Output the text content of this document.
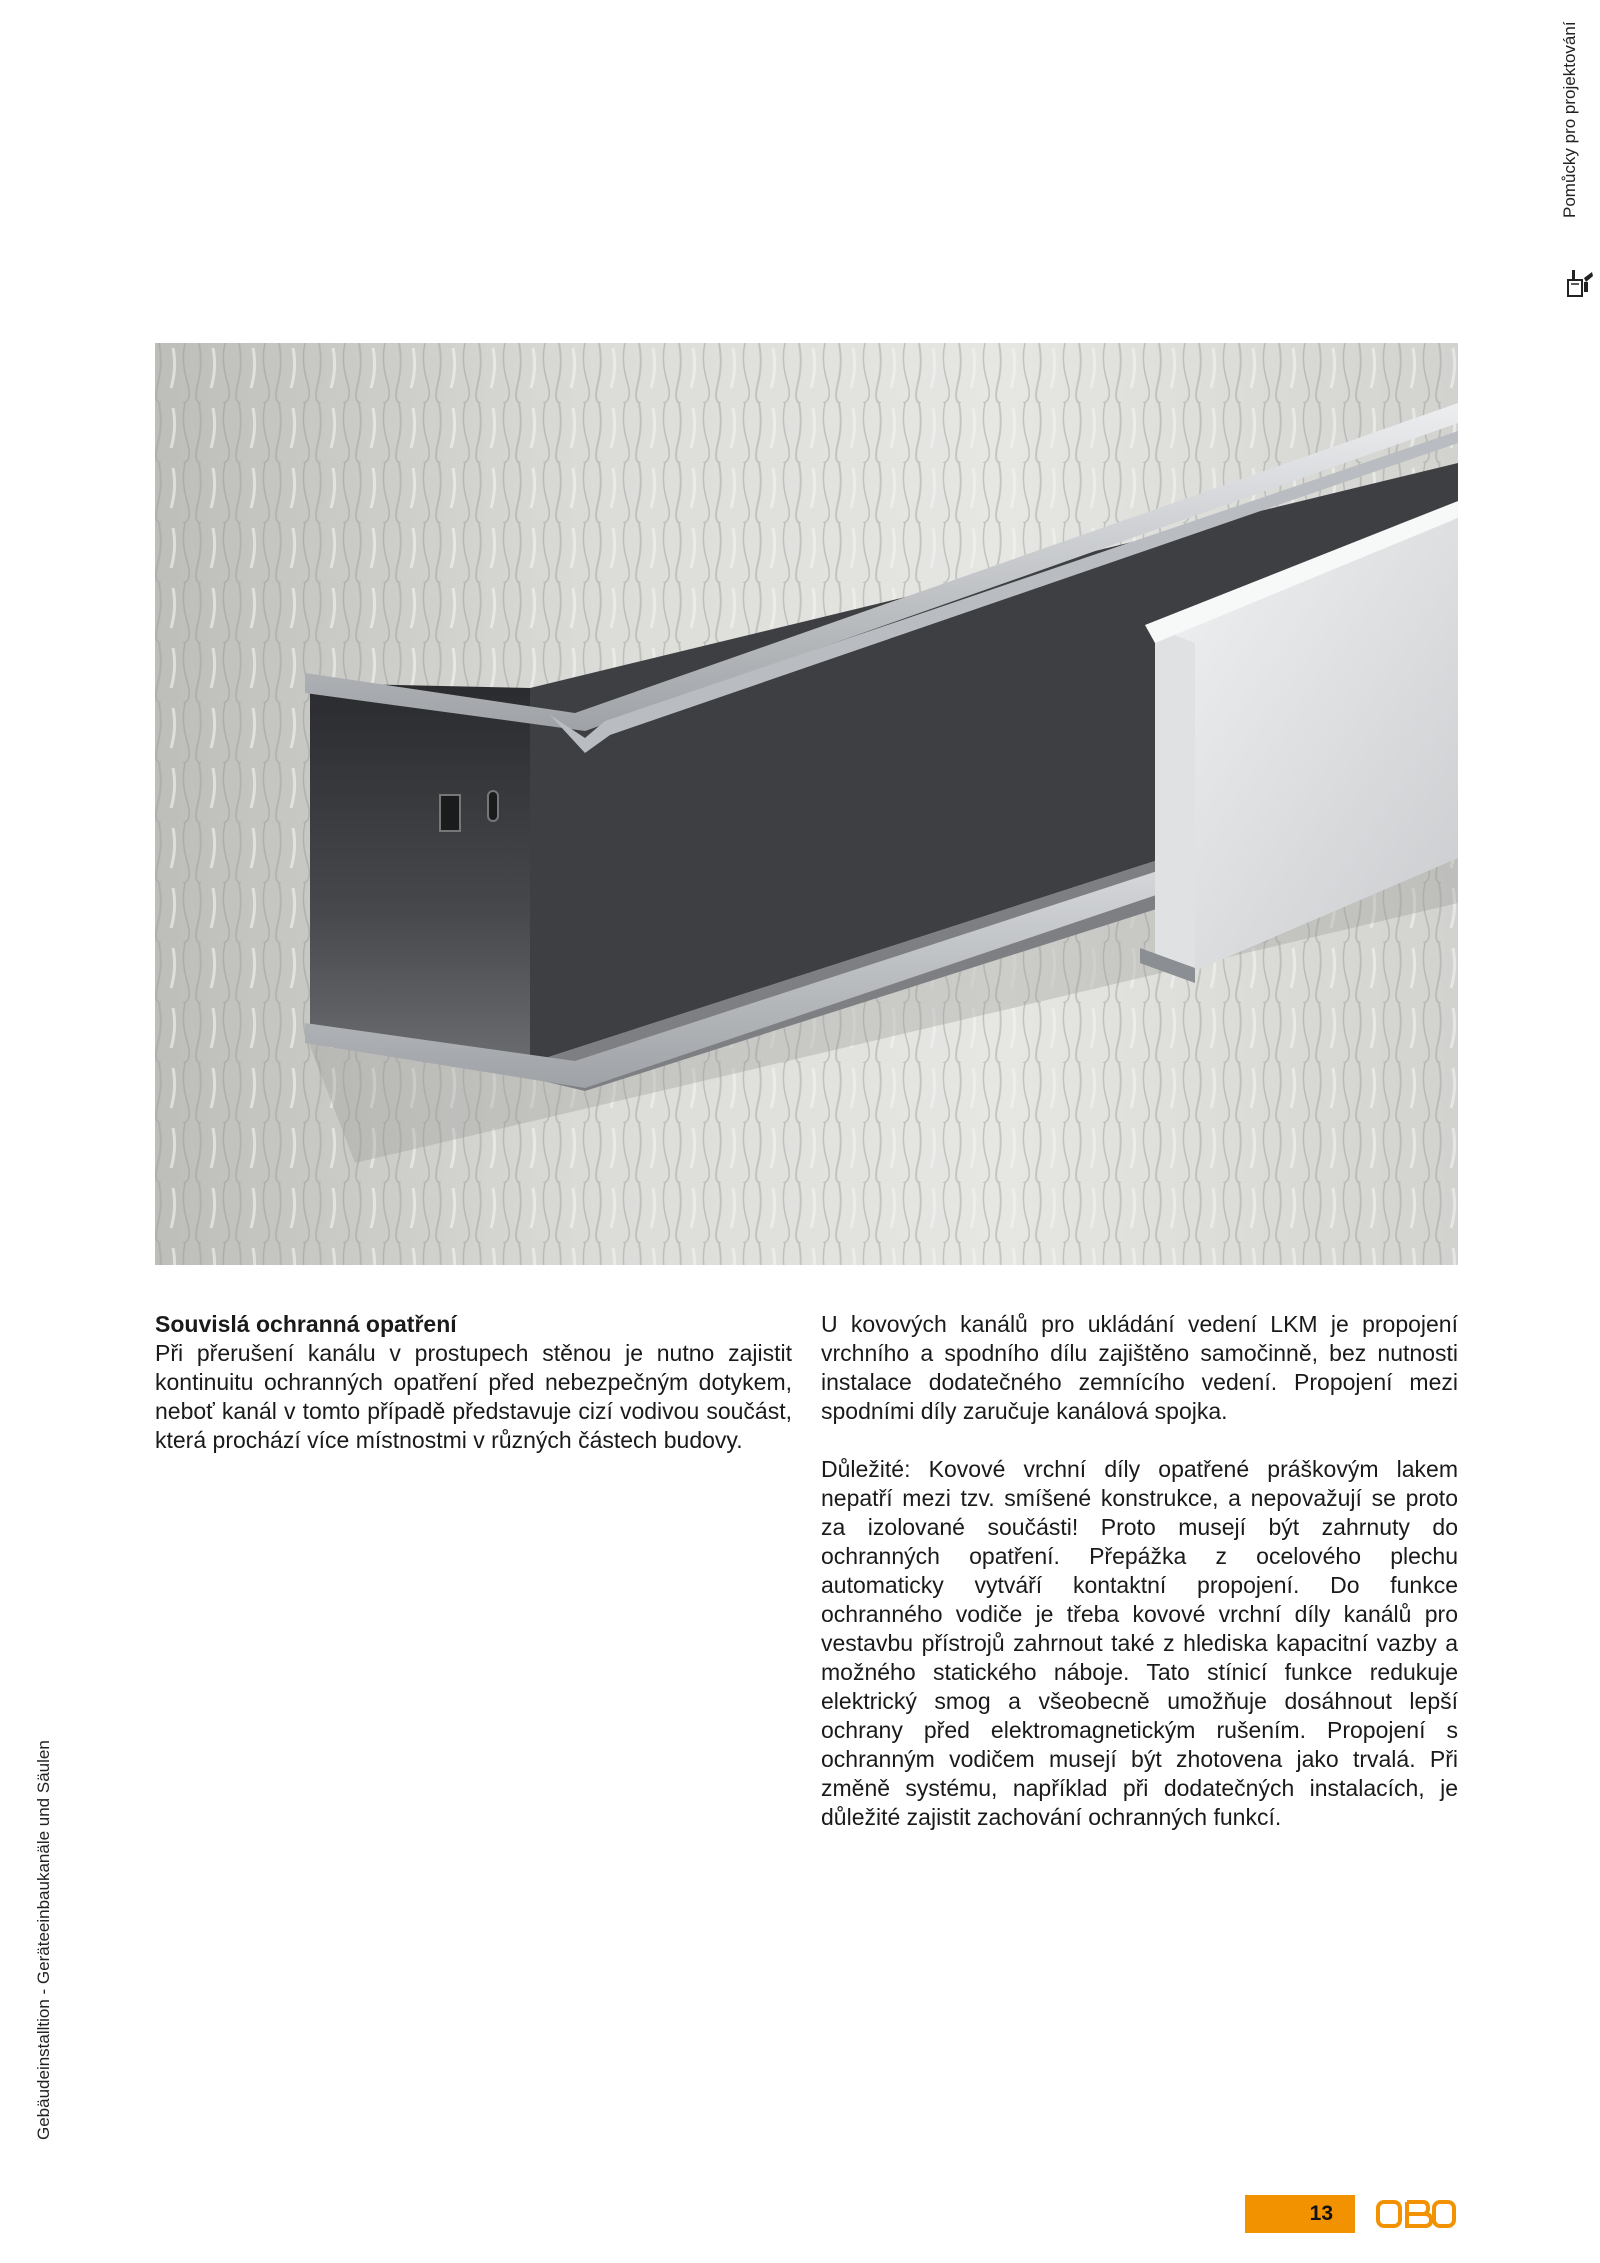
Pomůcky pro projektování
Souvislá ochranná opatření

Při přerušení kanálu v prostupech stěnou je nutno zajistit kontinuitu ochranných opatření před nebezpečným dotykem, neboť kanál v tomto případě představuje cizí vodivou součást, která prochází více místnostmi v různých částech budovy.

U kovových kanálů pro ukládání vedení LKM je propojení vrchního a spodního dílu zajištěno samočinně, bez nutnosti instalace dodatečného zemnícího vedení. Propojení mezi spodními díly zaručuje kanálová spojka.

Důležité: Kovové vrchní díly opatřené práškovým lakem nepatří mezi tzv. smíšené konstrukce, a nepovažují se proto za izolované součásti! Proto musejí být zahrnuty do ochranných opatření. Přepážka z ocelového plechu automaticky vytváří kontaktní propojení. Do funkce ochranného vodiče je třeba kovové vrchní díly kanálů pro vestavbu přístrojů zahrnout také z hlediska kapacitní vazby a možného statického náboje. Tato stínicí funkce redukuje elektrický smog a všeobecně umožňuje dosáhnout lepší ochrany před elektromagnetickým rušením. Propojení s ochranným vodičem musejí být zhotovena jako trvalá. Při změně systému, například při dodatečných instalacích, je důležité zajistit zachování ochranných funkcí.

Gebäudeinstalltion - Geräteeinbaukanäle und Säulen
13
